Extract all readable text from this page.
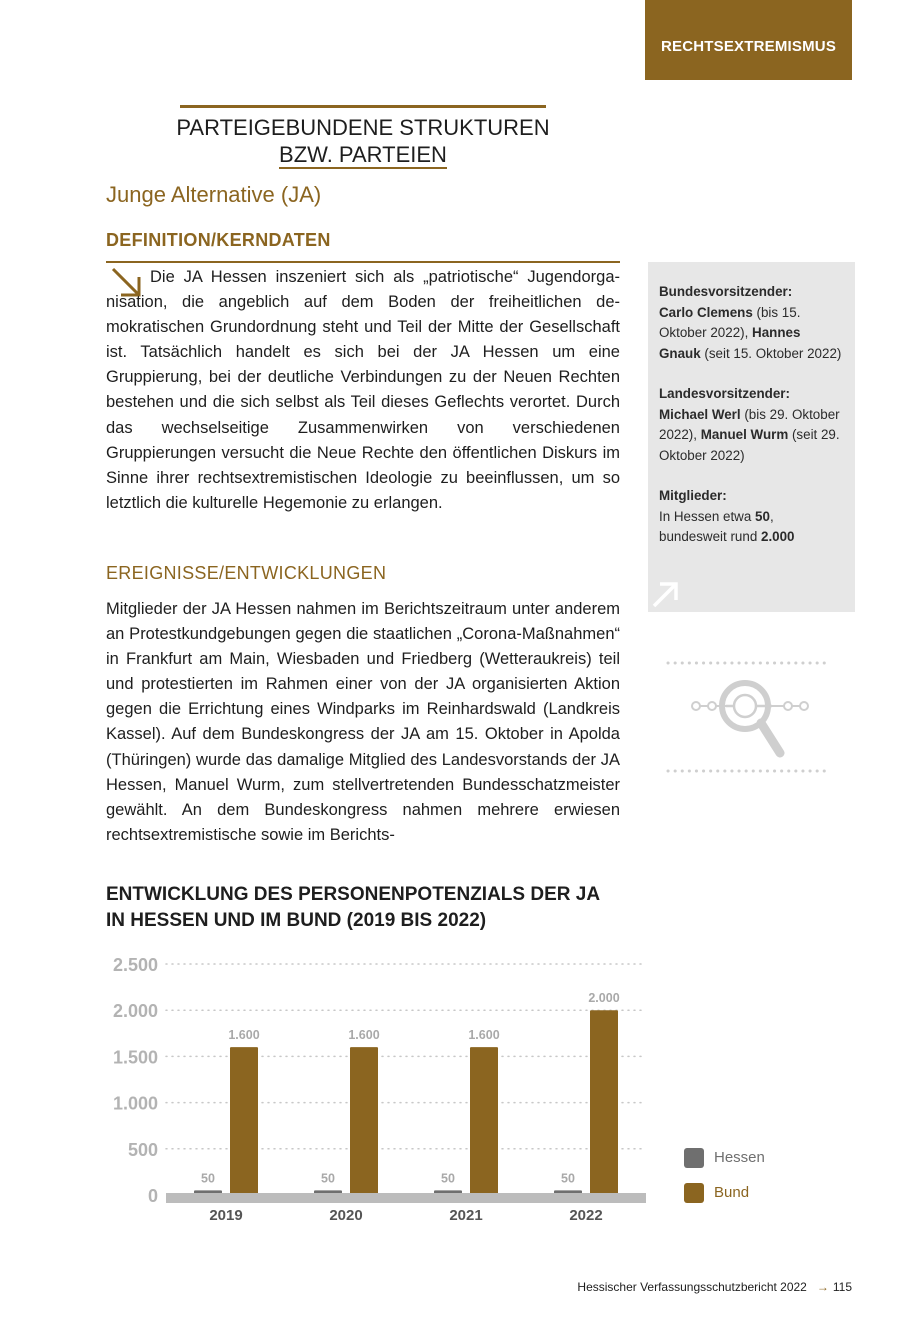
RECHTSEXTREMISMUS
PARTEIGEBUNDENE STRUKTUREN
BZW. PARTEIEN
Junge Alternative (JA)
DEFINITION/KERNDATEN

Die JA Hessen inszeniert sich als „patriotische“ Jugendorganisation, die angeblich auf dem Boden der freiheitlichen demokratischen Grundordnung steht und Teil der Mitte der Gesellschaft ist. Tatsächlich handelt es sich bei der JA Hessen um eine Gruppierung, bei der deutliche Verbindungen zu der Neuen Rechten bestehen und die sich selbst als Teil dieses Geflechts verortet. Durch das wechselseitige Zusammenwirken von verschiedenen Gruppierungen versucht die Neue Rechte den öffentlichen Diskurs im Sinne ihrer rechtsextremistischen Ideologie zu beeinflussen, um so letztlich die kulturelle Hegemonie zu erlangen.

EREIGNISSE/ENTWICKLUNGEN

Mitglieder der JA Hessen nahmen im Berichtszeitraum unter anderem an Protestkundgebungen gegen die staatlichen „Corona-Maßnahmen“ in Frankfurt am Main, Wiesbaden und Friedberg (Wetteraukreis) teil und protestierten im Rahmen einer von der JA organisierten Aktion gegen die Errichtung eines Windparks im Reinhardswald (Landkreis Kassel). Auf dem Bundeskongress der JA am 15. Oktober in Apolda (Thüringen) wurde das damalige Mitglied des Landesvorstands der JA Hessen, Manuel Wurm, zum stellvertretenden Bundesschatzmeister gewählt. An dem Bundeskongress nahmen mehrere erwiesen rechtsextremistische sowie im Berichts-

Bundesvorsitzender:
Carlo Clemens (bis 15. Oktober 2022), Hannes Gnauk (seit 15. Oktober 2022)
Landesvorsitzender:
Michael Werl (bis 29. Oktober 2022), Manuel Wurm (seit 29. Oktober 2022)
Mitglieder:
In Hessen etwa 50, bundesweit rund 2.000
ENTWICKLUNG DES PERSONENPOTENZIALS DER JA
IN HESSEN UND IM BUND (2019 BIS 2022)
0
500
1.000
1.500
2.000
2.500
50
1.600
2019
50
1.600
2020
50
1.600
2021
50
2.000
2022
Hessen
Bund
Hessischer Verfassungsschutzbericht 2022 → 115
